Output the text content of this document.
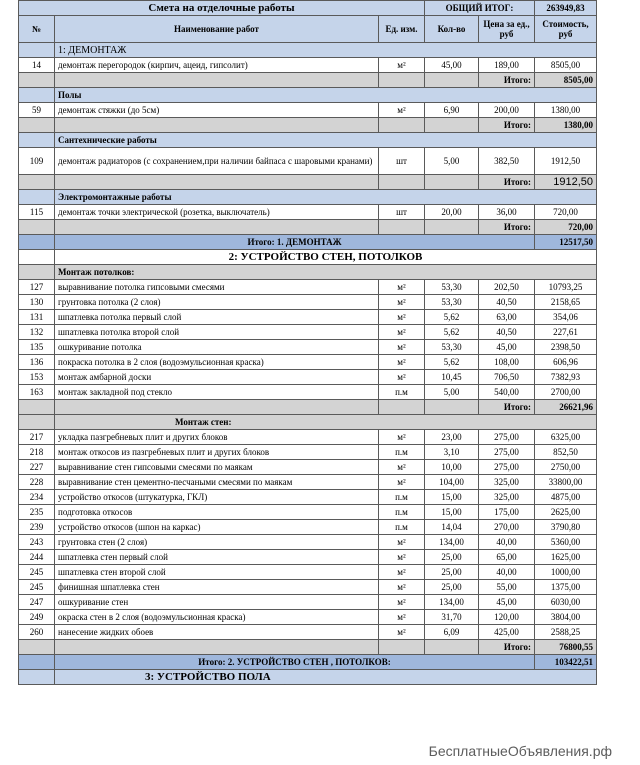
Смета на отделочные работы			ОБЩИЙ ИТОГ:		263949,83
№	Наименование работ	Ед. изм.	Кол-во	Цена за ед., руб	Стоимость, руб
	1: ДЕМОНТАЖ				
14	демонтаж перегородок (кирпич, ацеид, гипсолит)	м²	45,00	189,00	8505,00
				Итого:	8505,00
	Полы				
59	демонтаж стяжки (до 5см)	м²	6,90	200,00	1380,00
				Итого:	1380,00
	Сантехнические работы				
109	демонтаж радиаторов (с сохранением,при наличии байпаса с шаровыми кранами)	шт	5,00	382,50	1912,50
				Итого:	1912,50
	Электромонтажные работы				
115	демонтаж точки электрической (розетка, выключатель)	шт	20,00	36,00	720,00
				Итого:	720,00
	Итого: 1. ДЕМОНТАЖ				12517,50
	2: УСТРОЙСТВО СТЕН, ПОТОЛКОВ				
	Монтаж потолков:				
127	выравнивание потолка гипсовыми смесями	м²	53,30	202,50	10793,25
130	грунтовка потолка (2 слоя)	м²	53,30	40,50	2158,65
131	шпатлевка потолка первый слой	м²	5,62	63,00	354,06
132	шпатлевка потолка второй слой	м²	5,62	40,50	227,61
135	ошкуривание потолка	м²	53,30	45,00	2398,50
136	покраска потолка в 2 слоя (водоэмульсионная краска)	м²	5,62	108,00	606,96
153	монтаж амбарной доски	м²	10,45	706,50	7382,93
163	монтаж закладной под стекло	п.м	5,00	540,00	2700,00
				Итого:	26621,96
	Монтаж стен:				
217	укладка пазгребневых плит и других блоков	м²	23,00	275,00	6325,00
218	монтаж откосов из пазгребневых плит и других блоков	п.м	3,10	275,00	852,50
227	выравнивание стен гипсовыми смесями по маякам	м²	10,00	275,00	2750,00
228	выравнивание стен цементно-песчаными смесями по маякам	м²	104,00	325,00	33800,00
234	устройство откосов (штукатурка, ГКЛ)	п.м	15,00	325,00	4875,00
235	подготовка откосов	п.м	15,00	175,00	2625,00
239	устройство откосов (шпон на каркас)	п.м	14,04	270,00	3790,80
243	грунтовка стен (2 слоя)	м²	134,00	40,00	5360,00
244	шпатлевка стен первый слой	м²	25,00	65,00	1625,00
245	шпатлевка стен второй слой	м²	25,00	40,00	1000,00
245	финишная шпатлевка стен	м²	25,00	55,00	1375,00
247	ошкуривание стен	м²	134,00	45,00	6030,00
249	окраска стен в 2 слоя (водоэмульсионная краска)	м²	31,70	120,00	3804,00
260	нанесение жидких обоев	м²	6,09	425,00	2588,25
				Итого:	76800,55
	Итого: 2. УСТРОЙСТВО СТЕН , ПОТОЛКОВ:				103422,51
	3: УСТРОЙСТВО ПОЛА				
БесплатныеОбъявления.рф
